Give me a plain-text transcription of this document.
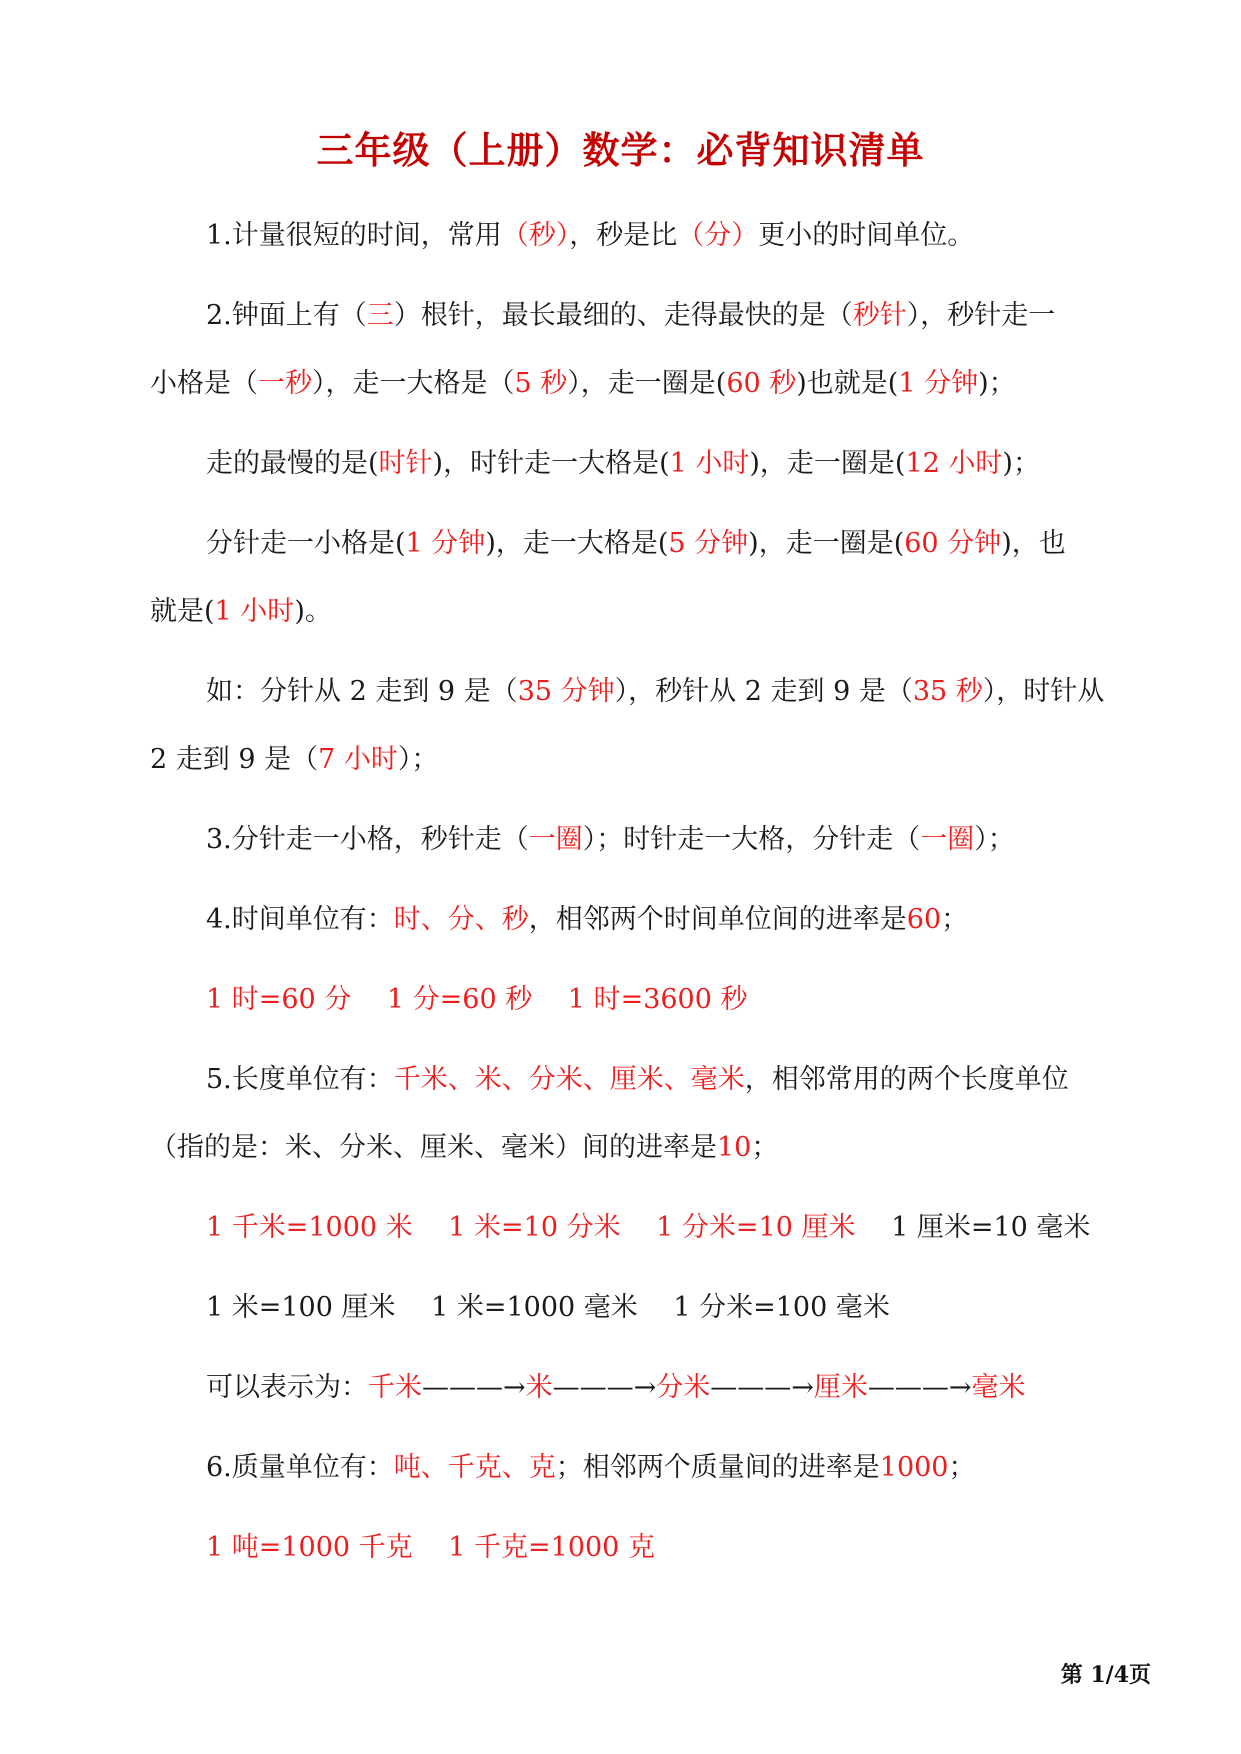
三年级（上册）数学：必背知识清单
1.计量很短的时间，常用（秒），秒是比（分）更小的时间单位。
2.钟面上有（三）根针，最长最细的、走得最快的是（秒针），秒针走一
小格是（一秒），走一大格是（5 秒），走一圈是(60 秒)也就是(1 分钟)；
走的最慢的是(时针)，时针走一大格是(1 小时)，走一圈是(12 小时)；
分针走一小格是(1 分钟)，走一大格是(5 分钟)，走一圈是(60 分钟)，也
就是(1 小时)。
如：分针从 2 走到 9 是（35 分钟），秒针从 2 走到 9 是（35 秒），时针从
2 走到 9 是（7 小时）；
3.分针走一小格，秒针走（一圈）；时针走一大格，分针走（一圈）；
4.时间单位有：时、分、秒，相邻两个时间单位间的进率是60；
1 时=60 分　 1 分=60 秒　 1 时=3600 秒
5.长度单位有：千米、米、分米、厘米、毫米，相邻常用的两个长度单位
（指的是：米、分米、厘米、毫米）间的进率是10；
1 千米=1000 米　 1 米=10 分米　 1 分米=10 厘米　 1 厘米=10 毫米
1 米=100 厘米　 1 米=1000 毫米　 1 分米=100 毫米
可以表示为：千米———→米———→分米———→厘米———→毫米
6.质量单位有：吨、千克、克；相邻两个质量间的进率是1000；
1 吨=1000 千克　 1 千克=1000 克
第 1/4页
